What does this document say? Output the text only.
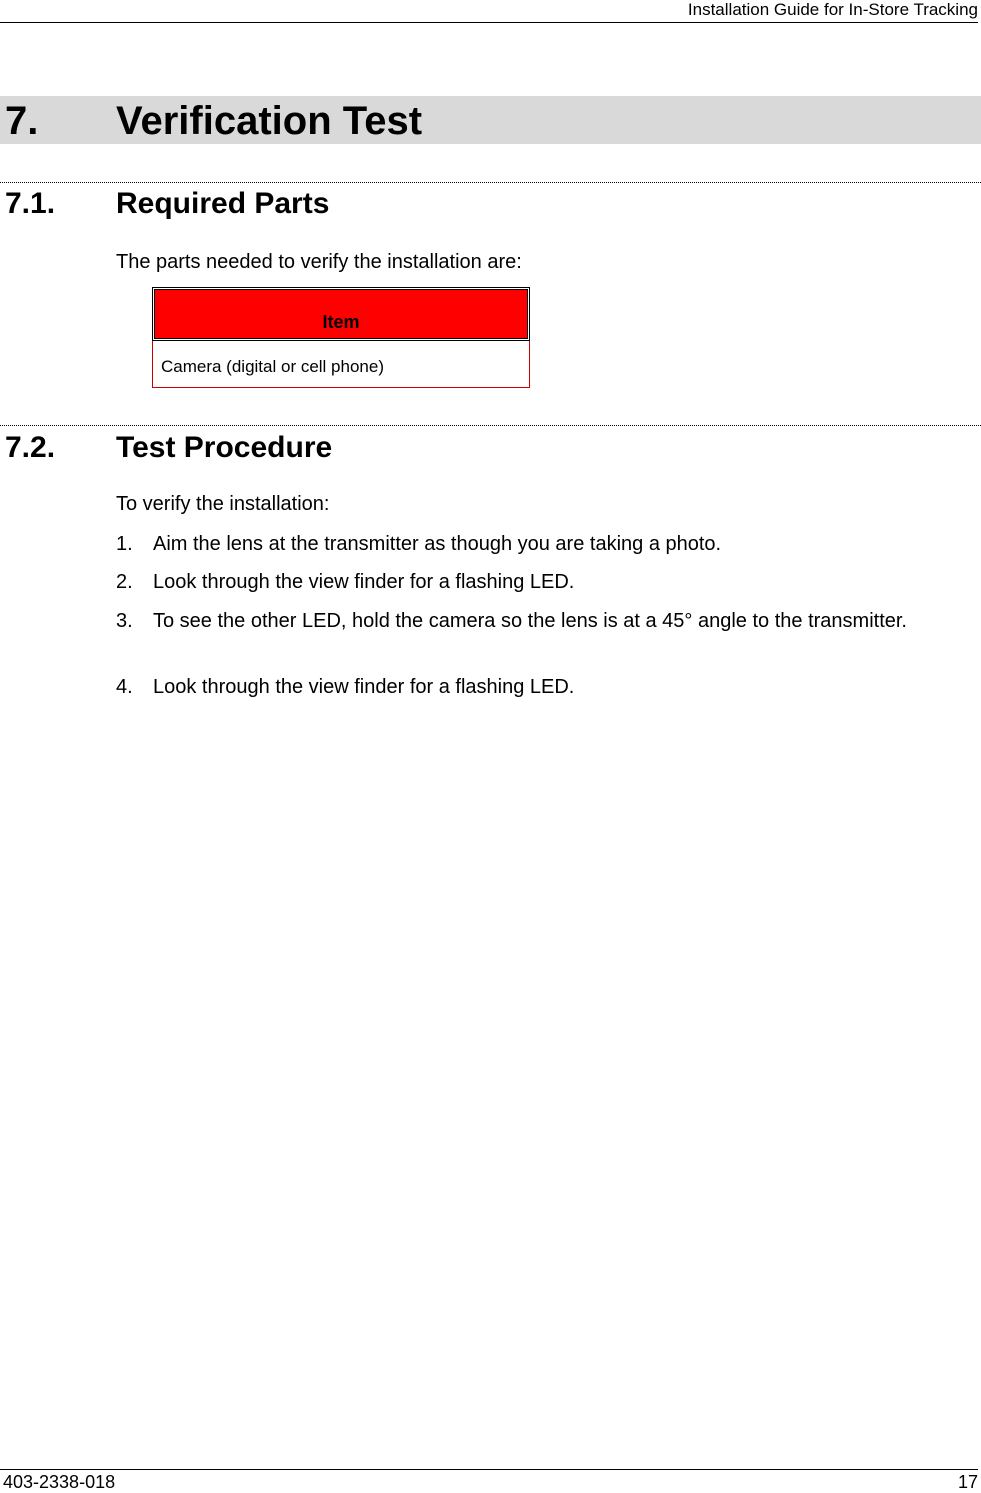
Installation Guide for In-Store Tracking
7. Verification Test
7.1. Required Parts
The parts needed to verify the installation are:
Item
Camera (digital or cell phone)
7.2. Test Procedure
To verify the installation:
1. Aim the lens at the transmitter as though you are taking a photo.
2. Look through the view finder for a flashing LED.
3. To see the other LED, hold the camera so the lens is at a 45° angle to the transmitter.
4. Look through the view finder for a flashing LED.
403-2338-018	17
